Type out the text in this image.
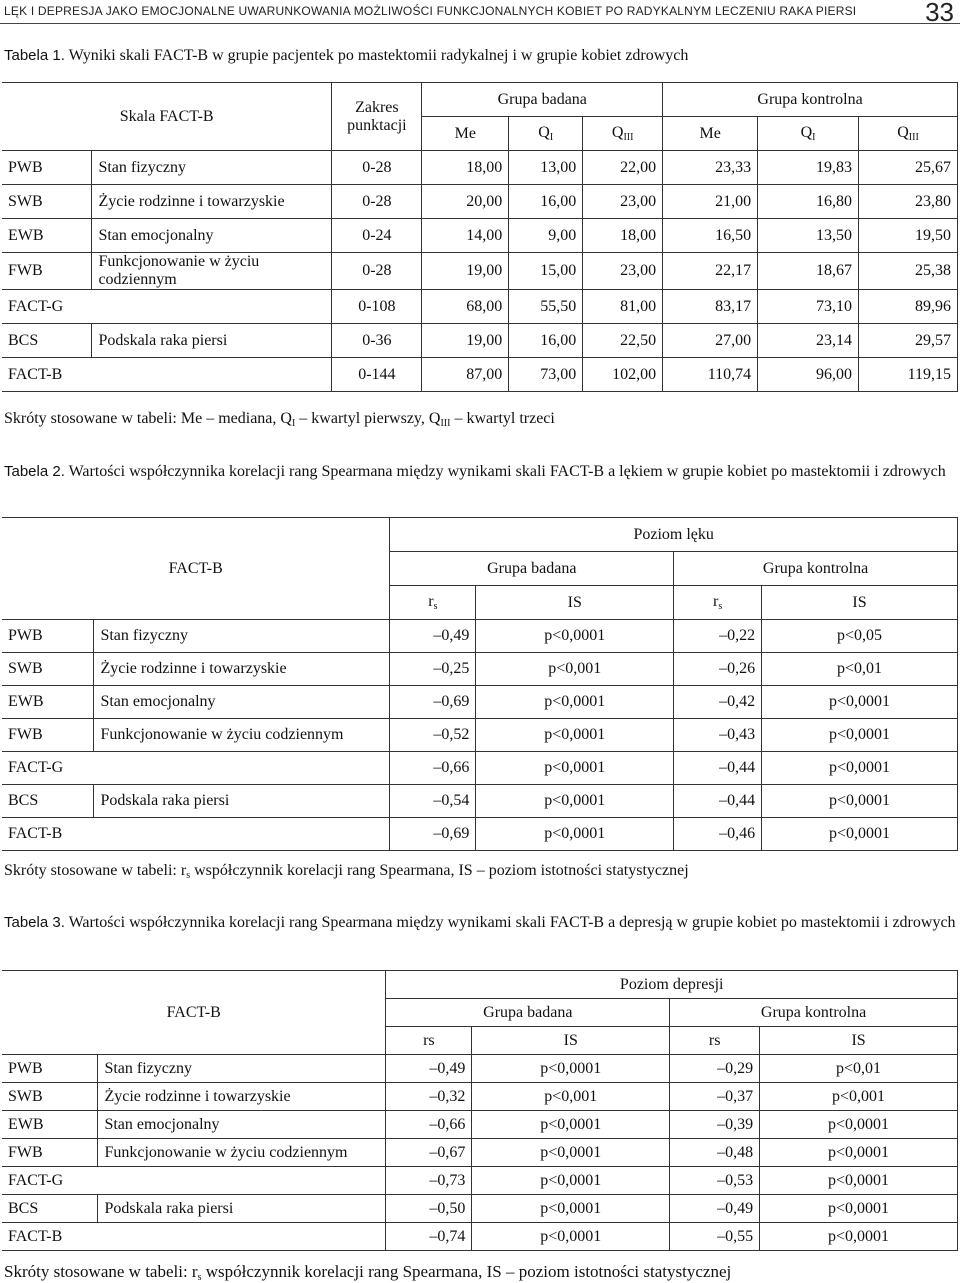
LĘK I DEPRESJA JAKO EMOCJONALNE UWARUNKOWANIA MOŻLIWOŚCI FUNKCJONALNYCH KOBIET PO RADYKALNYM LECZENIU RAKA PIERSI	33
Tabela 1. Wyniki skali FACT-B w grupie pacjentek po mastektomii radykalnej i w grupie kobiet zdrowych
Skala FACT-B		Zakres punktacji	Grupa badana			Grupa kontrolna		
			Me	$Q_I$	$Q_{III}$	Me	$Q_I$	$Q_{III}$
PWB	Stan fizyczny	0-28	18,00	13,00	22,00	23,33	19,83	25,67
SWB	Życie rodzinne i towarzyskie	0-28	20,00	16,00	23,00	21,00	16,80	23,80
EWB	Stan emocjonalny	0-24	14,00	9,00	18,00	16,50	13,50	19,50
FWB	Funkcjonowanie w życiu codziennym	0-28	19,00	15,00	23,00	22,17	18,67	25,38
FACT-G		0-108	68,00	55,50	81,00	83,17	73,10	89,96
BCS	Podskala raka piersi	0-36	19,00	16,00	22,50	27,00	23,14	29,57
FACT-B		0-144	87,00	73,00	102,00	110,74	96,00	119,15
Skróty stosowane w tabeli: Me – mediana, $Q_I$ – kwartyl pierwszy, $Q_{III}$ – kwartyl trzeci
Tabela 2. Wartości współczynnika korelacji rang Spearmana między wynikami skali FACT-B a lękiem w grupie kobiet po mastektomii i zdrowych
FACT-B		Poziom lęku			
		Grupa badana		Grupa kontrolna	
		$r_s$	IS	$r_s$	IS
PWB	Stan fizyczny	–0,49	p<0,0001	–0,22	p<0,05
SWB	Życie rodzinne i towarzyskie	–0,25	p<0,001	–0,26	p<0,01
EWB	Stan emocjonalny	–0,69	p<0,0001	–0,42	p<0,0001
FWB	Funkcjonowanie w życiu codziennym	–0,52	p<0,0001	–0,43	p<0,0001
FACT-G		–0,66	p<0,0001	–0,44	p<0,0001
BCS	Podskala raka piersi	–0,54	p<0,0001	–0,44	p<0,0001
FACT-B		–0,69	p<0,0001	–0,46	p<0,0001
Skróty stosowane w tabeli: $r_s$ współczynnik korelacji rang Spearmana, IS – poziom istotności statystycznej
Tabela 3. Wartości współczynnika korelacji rang Spearmana między wynikami skali FACT-B a depresją w grupie kobiet po mastektomii i zdrowych
FACT-B		Poziom depresji			
		Grupa badana		Grupa kontrolna	
		rs	IS	rs	IS
PWB	Stan fizyczny	–0,49	p<0,0001	–0,29	p<0,01
SWB	Życie rodzinne i towarzyskie	–0,32	p<0,001	–0,37	p<0,001
EWB	Stan emocjonalny	–0,66	p<0,0001	–0,39	p<0,0001
FWB	Funkcjonowanie w życiu codziennym	–0,67	p<0,0001	–0,48	p<0,0001
FACT-G		–0,73	p<0,0001	–0,53	p<0,0001
BCS	Podskala raka piersi	–0,50	p<0,0001	–0,49	p<0,0001
FACT-B		–0,74	p<0,0001	–0,55	p<0,0001
Skróty stosowane w tabeli: $r_s$ współczynnik korelacji rang Spearmana, IS – poziom istotności statystycznej
